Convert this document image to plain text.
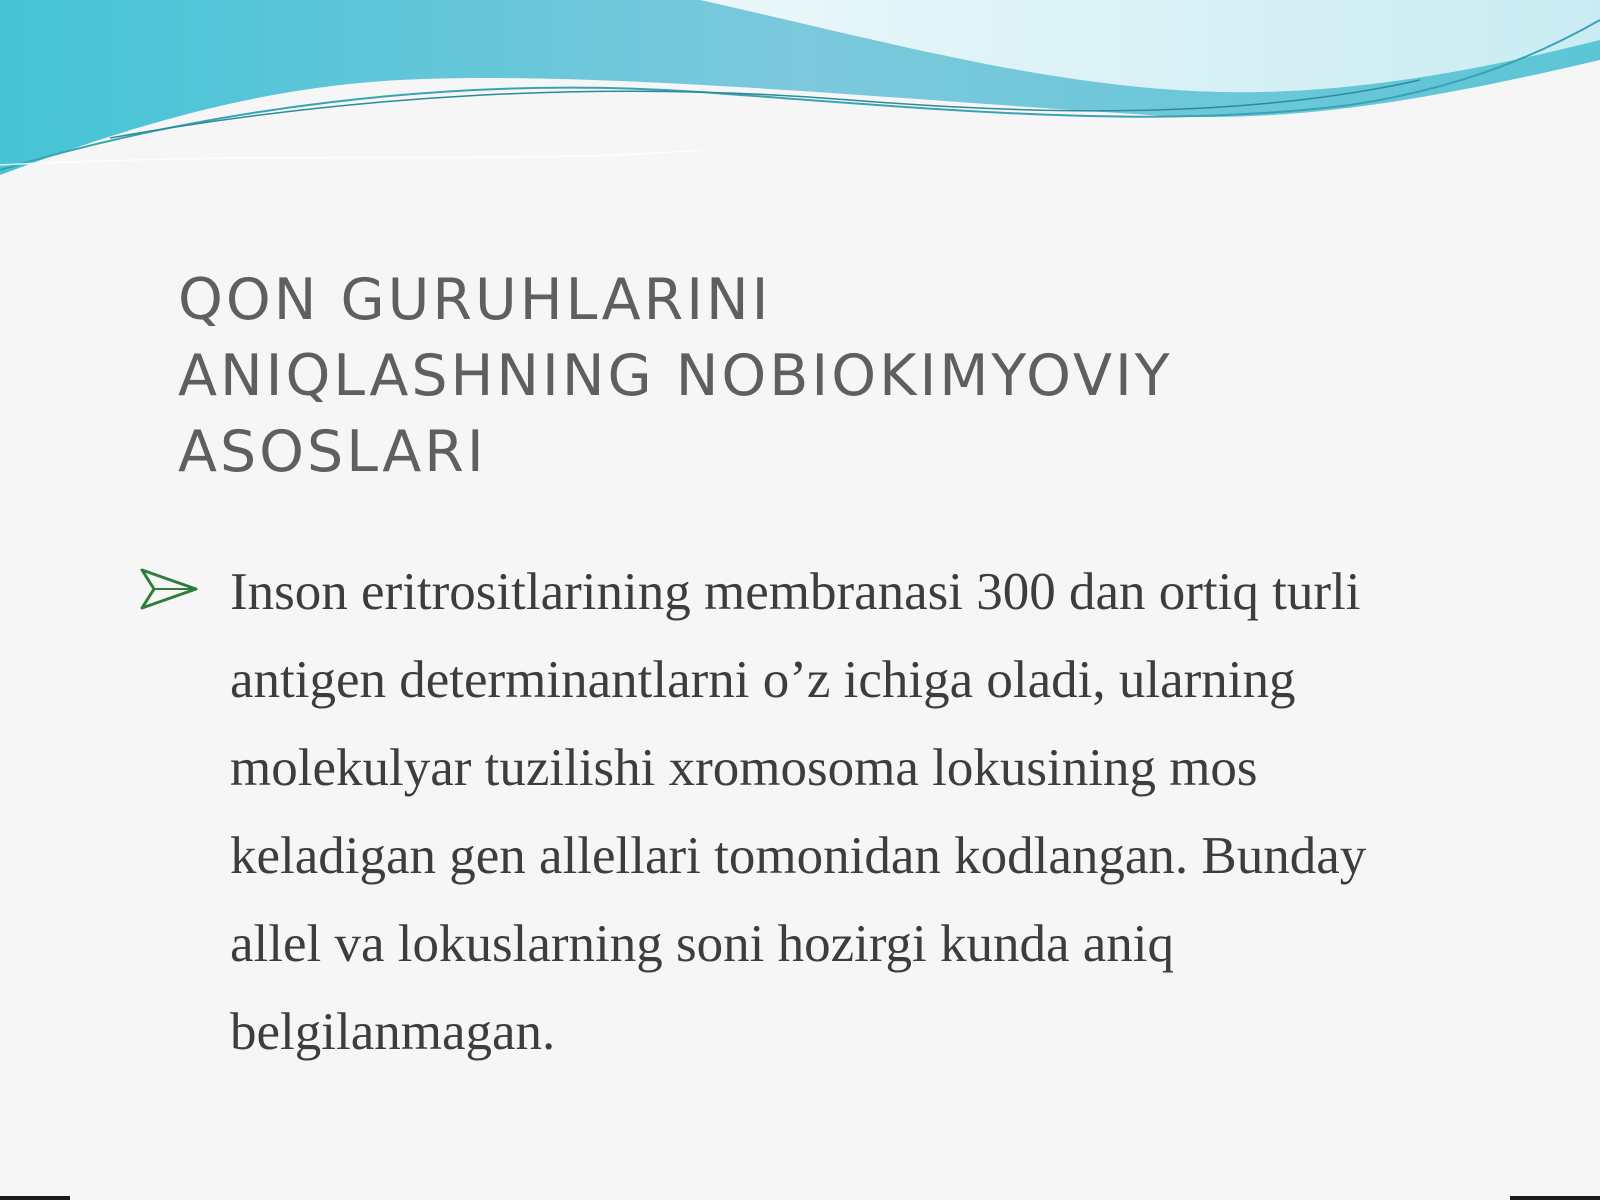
QON GURUHLARINI
ANIQLASHNING NOBIOKIMYOVIY
ASOSLARI

Inson eritrositlarining membranasi 300 dan ortiq turli antigen determinantlarni o’z ichiga oladi, ularning molekulyar tuzilishi xromosoma lokusining mos keladigan gen allellari tomonidan kodlangan. Bunday allel va lokuslarning soni hozirgi kunda aniq belgilanmagan.
